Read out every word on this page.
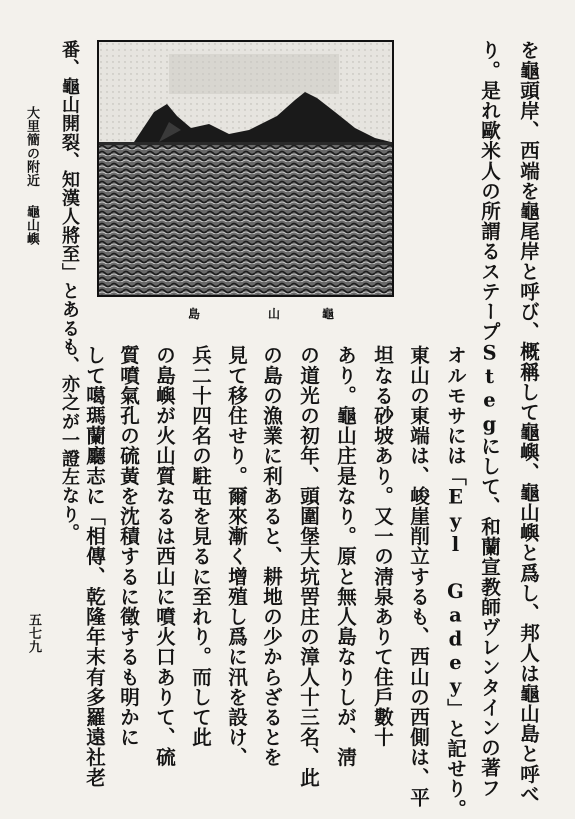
大里簡の附近
龜山嶼
五七九
龜
山
島	を龜頭岸、西端を龜尾岸と呼び、概稱して龜嶼、龜山嶼と爲し、邦人は龜山島と呼べ
り。是れ歐米人の所謂るステープStegにして、和蘭宣教師ヴレンタインの著フ
オルモサには「Eyl Gadey」と記せり。
東山の東端は、峻崖削立するも、西山の西側は、平
坦なる砂坡あり。又一の淸泉ありて住戶數十
あり。龜山庄是なり。原と無人島なりしが、淸
の道光の初年、頭圍堡大坑罟庄の漳人十三名、此
の島の漁業に利あると、耕地の少からざるとを
見て移住せり。爾來漸く增殖し爲に汛を設け、
兵二十四名の駐屯を見るに至れり。而して此
の島嶼が火山質なるは西山に噴火口ありて、硫
質噴氣孔の硫黃を沈積するに徵するも明かに
して噶瑪蘭廳志に「相傳、乾隆年末有多羅遠社老
番、龜山開裂、知漢人將至」とあるも、亦之が一證左なり。
